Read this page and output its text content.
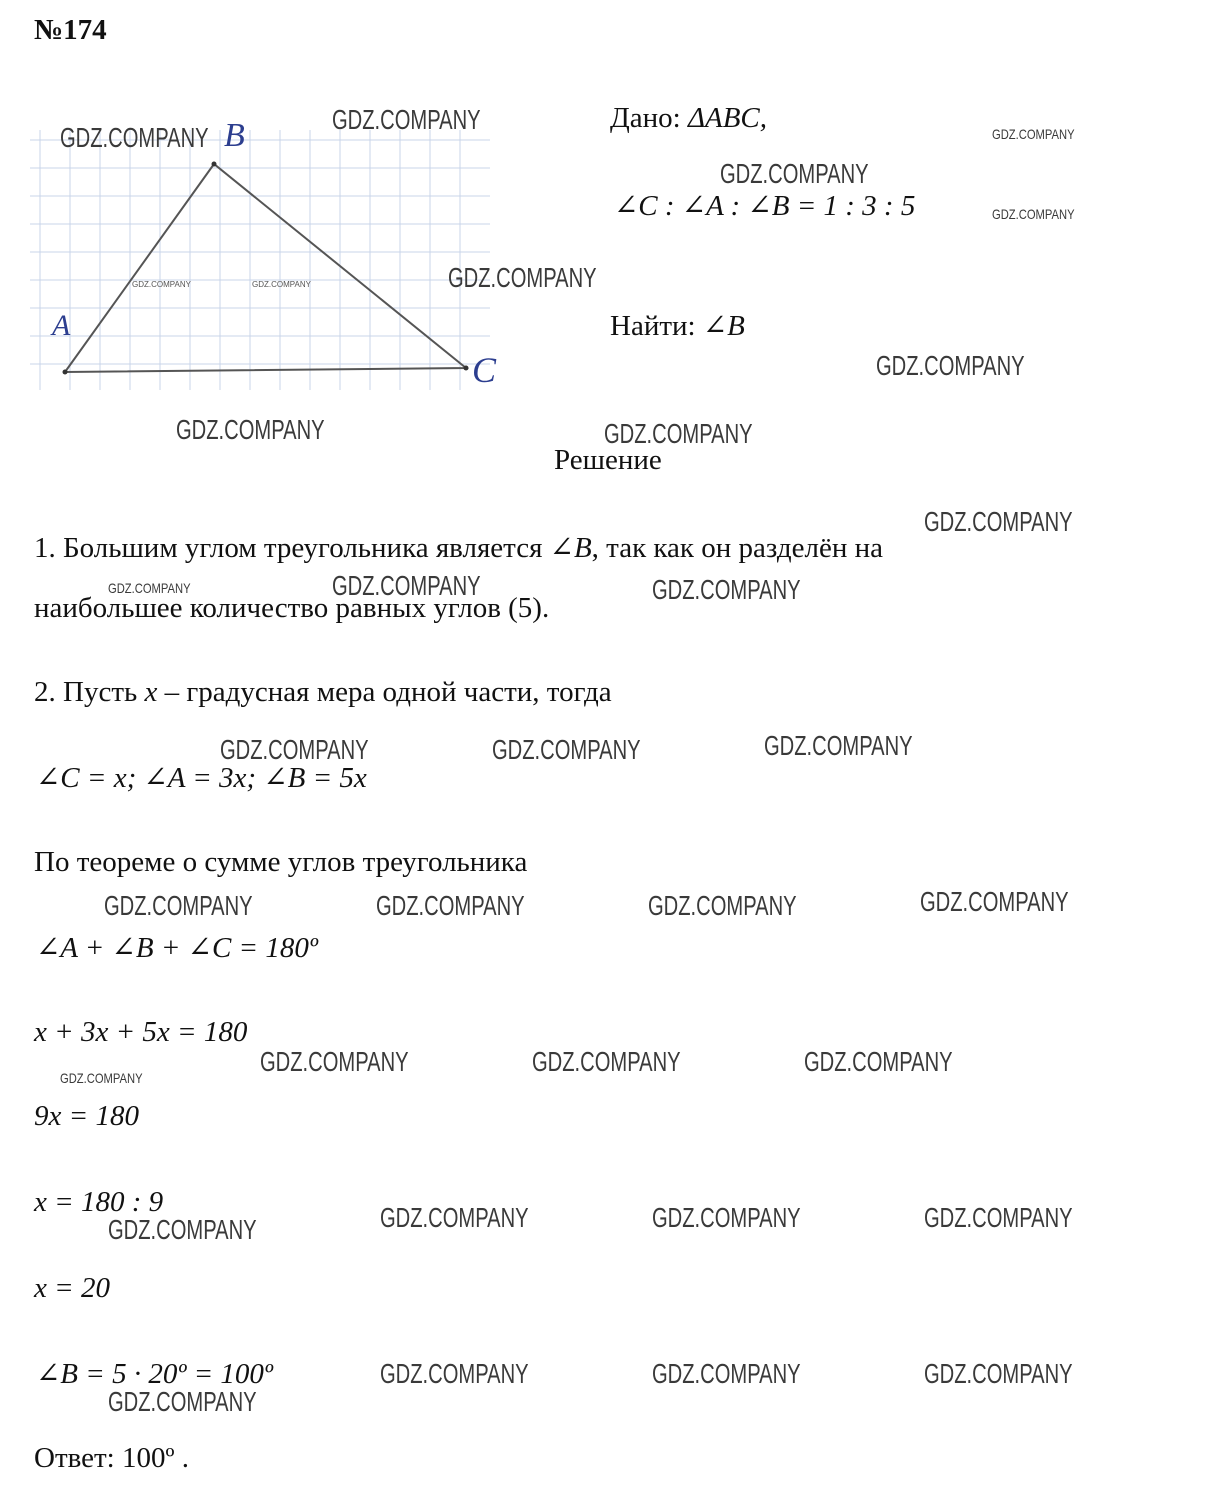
№174
A
B
C
Дано: ΔABC,
∠C : ∠A : ∠B = 1 : 3 : 5
Найти: ∠B
Решение
1. Большим углом треугольника является ∠B, так как он разделён на
наибольшее количество равных углов (5).
2. Пусть x – градусная мера одной части, тогда
∠C = x; ∠A = 3x; ∠B = 5x
По теореме о сумме углов треугольника
∠A + ∠B + ∠C = 180º
x + 3x + 5x = 180
9x = 180
x = 180 : 9
x = 20
∠B = 5 · 20º = 100º
Ответ: 100º .
GDZ.COMPANY
GDZ.COMPANY	GDZ.COMPANY
GDZ.COMPANY
GDZ.COMPANY
GDZ.COMPANY	GDZ.COMPANY	GDZ.COMPANY
GDZ.COMPANY
GDZ.COMPANY	GDZ.COMPANY
GDZ.COMPANY
GDZ.COMPANY	GDZ.COMPANY	GDZ.COMPANY
GDZ.COMPANY	GDZ.COMPANY	GDZ.COMPANY
GDZ.COMPANY	GDZ.COMPANY	GDZ.COMPANY	GDZ.COMPANY
GDZ.COMPANY	GDZ.COMPANY	GDZ.COMPANY
GDZ.COMPANY
GDZ.COMPANY	GDZ.COMPANY	GDZ.COMPANY	GDZ.COMPANY
GDZ.COMPANY	GDZ.COMPANY	GDZ.COMPANY
GDZ.COMPANY
